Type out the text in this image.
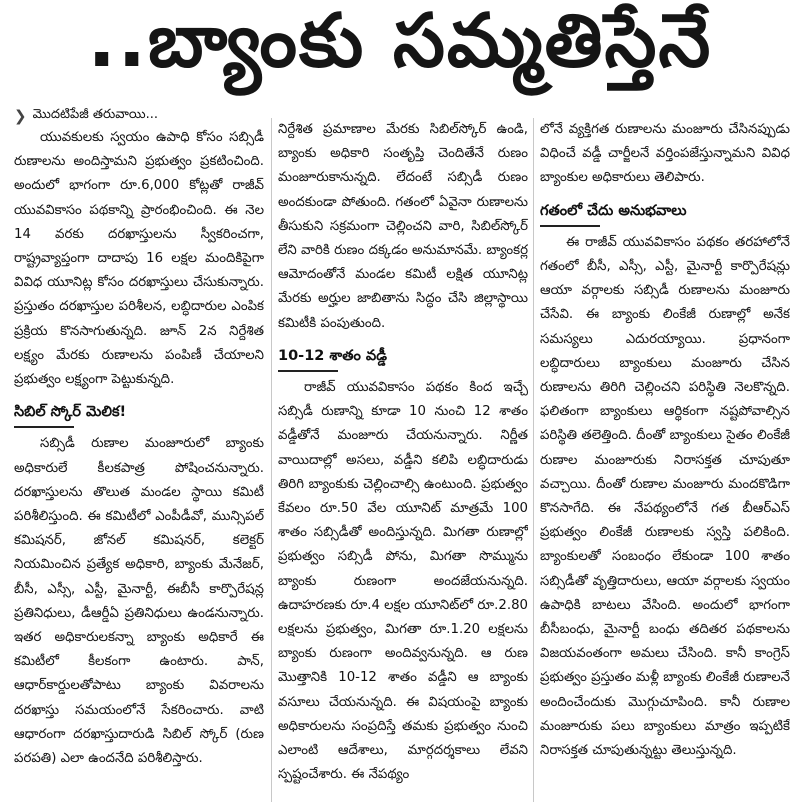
..బ్యాంకు సమ్మతిస్తేనే
❯ మొదటిపేజీ తరువాయి...

యువకులకు స్వయం ఉపాధి కోసం సబ్సిడీ రుణాలను అందిస్తామని ప్రభుత్వం ప్రకటించింది. అందులో భాగంగా రూ.6,000 కోట్లతో రాజీవ్ యువవికాసం పథకాన్ని ప్రారంభించింది. ఈ నెల 14 వరకు దరఖాస్తులను స్వీకరించగా, రాష్ట్రవ్యాప్తంగా దాదాపు 16 లక్షల మందికిపైగా వివిధ యూనిట్ల కోసం దరఖాస్తులు చేసుకున్నారు. ప్రస్తుతం దరఖాస్తుల పరిశీలన, లబ్ధిదారుల ఎంపిక ప్రక్రియ కొనసాగుతున్నది. జూన్ 2న నిర్దేశిత లక్ష్యం మేరకు రుణాలను పంపిణీ చేయాలని ప్రభుత్వం లక్ష్యంగా పెట్టుకున్నది.

సిబిల్ స్కోర్ మెలిక!

సబ్సిడీ రుణాల మంజూరులో బ్యాంకు అధికారులే కీలకపాత్ర పోషించనున్నారు. దరఖాస్తులను తొలుత మండల స్థాయి కమిటీ పరిశీలిస్తుంది. ఈ కమిటీలో ఎంపీడీవో, మున్సిపల్ కమిషనర్, జోనల్ కమిషనర్, కలెక్టర్ నియమించిన ప్రత్యేక అధికారి, బ్యాంకు మేనేజర్, బీసీ, ఎస్సీ, ఎస్టీ, మైనార్టీ, ఈబీసీ కార్పొరేషన్ల ప్రతినిధులు, డీఆర్డీఏ ప్రతినిధులు ఉండనున్నారు. ఇతర అధికారులకన్నా బ్యాంకు అధికారే ఈ కమిటీలో కీలకంగా ఉంటారు. పాన్, ఆధార్‌కార్డులతోపాటు బ్యాంకు వివరాలను దరఖాస్తు సమయంలోనే సేకరించారు. వాటి ఆధారంగా దరఖాస్తుదారుడి సిబిల్ స్కోర్ (రుణ పరపతి) ఎలా ఉందనేది పరిశీలిస్తారు.

నిర్దేశిత ప్రమాణాల మేరకు సిబిల్‌స్కోర్ ఉండి, బ్యాంకు అధికారి సంతృప్తి చెందితేనే రుణం మంజూరుకానున్నది. లేదంటే సబ్సిడీ రుణం అందకుండా పోతుంది. గతంలో ఏవైనా రుణాలను తీసుకుని సక్రమంగా చెల్లించని వారి, సిబిల్‌స్కోర్ లేని వారికి రుణం దక్కడం అనుమానమే. బ్యాంకర్ల ఆమోదంతోనే మండల కమిటీ లక్షిత యూనిట్ల మేరకు అర్హుల జాబితాను సిద్ధం చేసి జిల్లాస్థాయి కమిటీకి పంపుతుంది.

10-12 శాతం వడ్డీ

రాజీవ్ యువవికాసం పథకం కింద ఇచ్చే సబ్సిడీ రుణాన్ని కూడా 10 నుంచి 12 శాతం వడ్డీతోనే మంజూరు చేయనున్నారు. నిర్ణీత వాయిదాల్లో అసలు, వడ్డీని కలిపి లబ్ధిదారుడు తిరిగి బ్యాంకుకు చెల్లించాల్సి ఉంటుంది. ప్రభుత్వం కేవలం రూ.50 వేల యూనిట్ మాత్రమే 100 శాతం సబ్సిడీతో అందిస్తున్నది. మిగతా రుణాల్లో ప్రభుత్వం సబ్సిడీ పోను, మిగతా సొమ్మును బ్యాంకు రుణంగా అందజేయనున్నది. ఉదాహరణకు రూ.4 లక్షల యూనిట్‌లో రూ.2.80 లక్షలను ప్రభుత్వం, మిగతా రూ.1.20 లక్షలను బ్యాంకు రుణంగా అందివ్వనున్నది. ఆ రుణ మొత్తానికి 10-12 శాతం వడ్డీని ఆ బ్యాంకు వసూలు చేయనున్నది. ఈ విషయంపై బ్యాంకు అధికారులను సంప్రదిస్తే తమకు ప్రభుత్వం నుంచి ఎలాంటి ఆదేశాలు, మార్గదర్శకాలు లేవని స్పష్టంచేశారు. ఈ నేపథ్యం

లోనే వ్యక్తిగత రుణాలను మంజూరు చేసినప్పుడు విధించే వడ్డీ చార్జీలనే వర్తింపజేస్తున్నామని వివిధ బ్యాంకుల అధికారులు తెలిపారు.

గతంలో చేదు అనుభవాలు

ఈ రాజీవ్ యువవికాసం పథకం తరహాలోనే గతంలో బీసీ, ఎస్సీ, ఎస్టీ, మైనార్టీ కార్పొరేషన్లు ఆయా వర్గాలకు సబ్సిడీ రుణాలను మంజూరు చేసేవి. ఈ బ్యాంకు లింకేజీ రుణాల్లో అనేక సమస్యలు ఎదురయ్యాయి. ప్రధానంగా లబ్ధిదారులు బ్యాంకులు మంజూరు చేసిన రుణాలను తిరిగి చెల్లించని పరిస్థితి నెలకొన్నది. ఫలితంగా బ్యాంకులు ఆర్థికంగా నష్టపోవాల్సిన పరిస్థితి తలెత్తింది. దీంతో బ్యాంకులు సైతం లింకేజీ రుణాల మంజూరుకు నిరాసక్తత చూపుతూ వచ్చాయి. దీంతో రుణాల మంజూరు మందకొడిగా కొనసాగేది. ఈ నేపథ్యంలోనే గత బీఆర్ఎస్ ప్రభుత్వం లింకేజీ రుణాలకు స్వస్తి పలికింది. బ్యాంకులతో సంబంధం లేకుండా 100 శాతం సబ్సిడీతో వృత్తిదారులు, ఆయా వర్గాలకు స్వయం ఉపాధికి బాటలు వేసింది. అందులో భాగంగా బీసీబంధు, మైనార్టీ బంధు తదితర పథకాలను విజయవంతంగా అమలు చేసింది. కానీ కాంగ్రెస్ ప్రభుత్వం ప్రస్తుతం మళ్లీ బ్యాంకు లింకేజీ రుణాలనే అందించేందుకు మొగ్గుచూపింది. కానీ రుణాల మంజూరుకు పలు బ్యాంకులు మాత్రం ఇప్పటికే నిరాసక్తత చూపుతున్నట్టు తెలుస్తున్నది.
